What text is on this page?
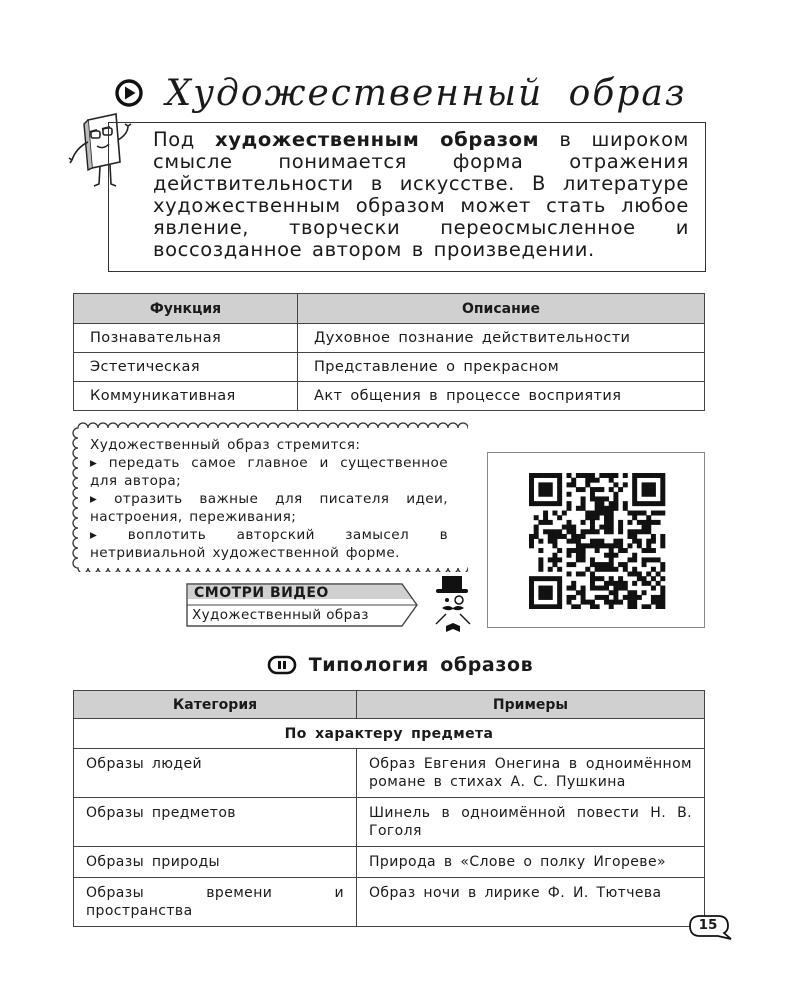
Художественный образ

Под художественным образом в широком смысле понимается форма отражения действительности в искусстве. В литературе художественным образом может стать любое явление, творчески переосмысленное и воссозданное автором в произведении.

Функция	Описание
Познавательная	Духовное познание действительности
Эстетическая	Представление о прекрасном
Коммуникативная	Акт общения в процессе восприятия
Художественный образ стремится:
▸ передать самое главное и существенное для автора;
▸ отразить важные для писателя идеи, настроения, переживания;
▸ воплотить авторский замысел в нетривиальной художественной форме.
СМОТРИ ВИДЕО
Художественный образ
Типология образов
Категория	Примеры
По характеру предмета	
Образы людей	Образ Евгения Онегина в одноимённом романе в стихах А. С. Пушкина
Образы предметов	Шинель в одноимённой повести Н. В. Гоголя
Образы природы	Природа в «Слове о полку Игореве»
Образы времени и пространства	Образ ночи в лирике Ф. И. Тютчева
15
